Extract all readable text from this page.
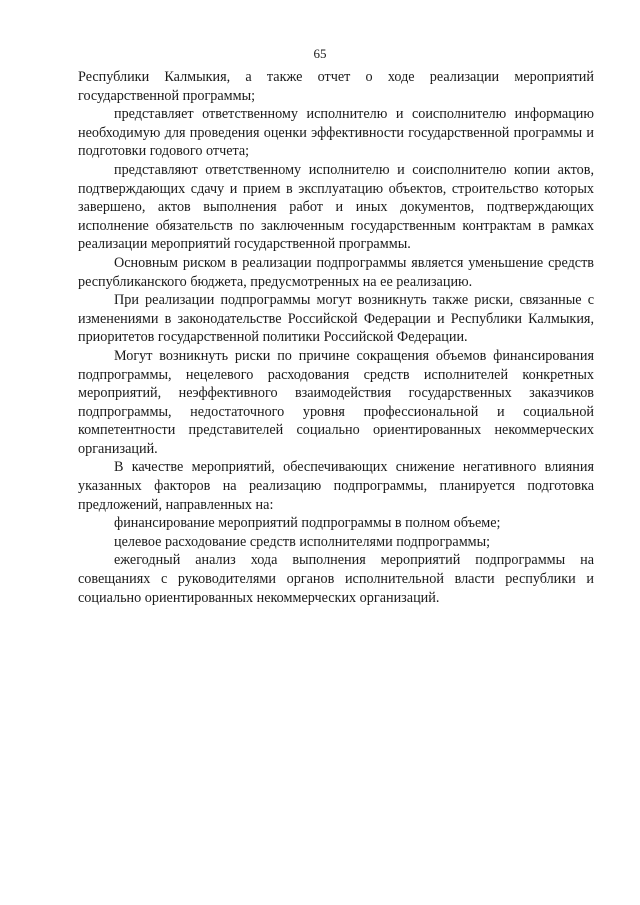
65

Республики Калмыкия, а также отчет о ходе реализации мероприятий государственной программы;

представляет ответственному исполнителю и соисполнителю информацию необходимую для проведения оценки эффективности государственной программы и подготовки годового отчета;

представляют ответственному исполнителю и соисполнителю копии актов, подтверждающих сдачу и прием в эксплуатацию объектов, строительство которых завершено, актов выполнения работ и иных документов, подтверждающих исполнение обязательств по заключенным государственным контрактам в рамках реализации мероприятий государственной программы.

Основным риском в реализации подпрограммы является уменьшение средств республиканского бюджета, предусмотренных на ее реализацию.

При реализации подпрограммы могут возникнуть также риски, связанные с изменениями в законодательстве Российской Федерации и Республики Калмыкия, приоритетов государственной политики Российской Федерации.

Могут возникнуть риски по причине сокращения объемов финансирования подпрограммы, нецелевого расходования средств исполнителей конкретных мероприятий, неэффективного взаимодействия государственных заказчиков подпрограммы, недостаточного уровня профессиональной и социальной компетентности представителей социально ориентированных некоммерческих организаций.

В качестве мероприятий, обеспечивающих снижение негативного влияния указанных факторов на реализацию подпрограммы, планируется подготовка предложений, направленных на:

финансирование мероприятий подпрограммы в полном объеме;

целевое расходование средств исполнителями подпрограммы;

ежегодный анализ хода выполнения мероприятий подпрограммы на совещаниях с руководителями органов исполнительной власти республики и социально ориентированных некоммерческих организаций.
